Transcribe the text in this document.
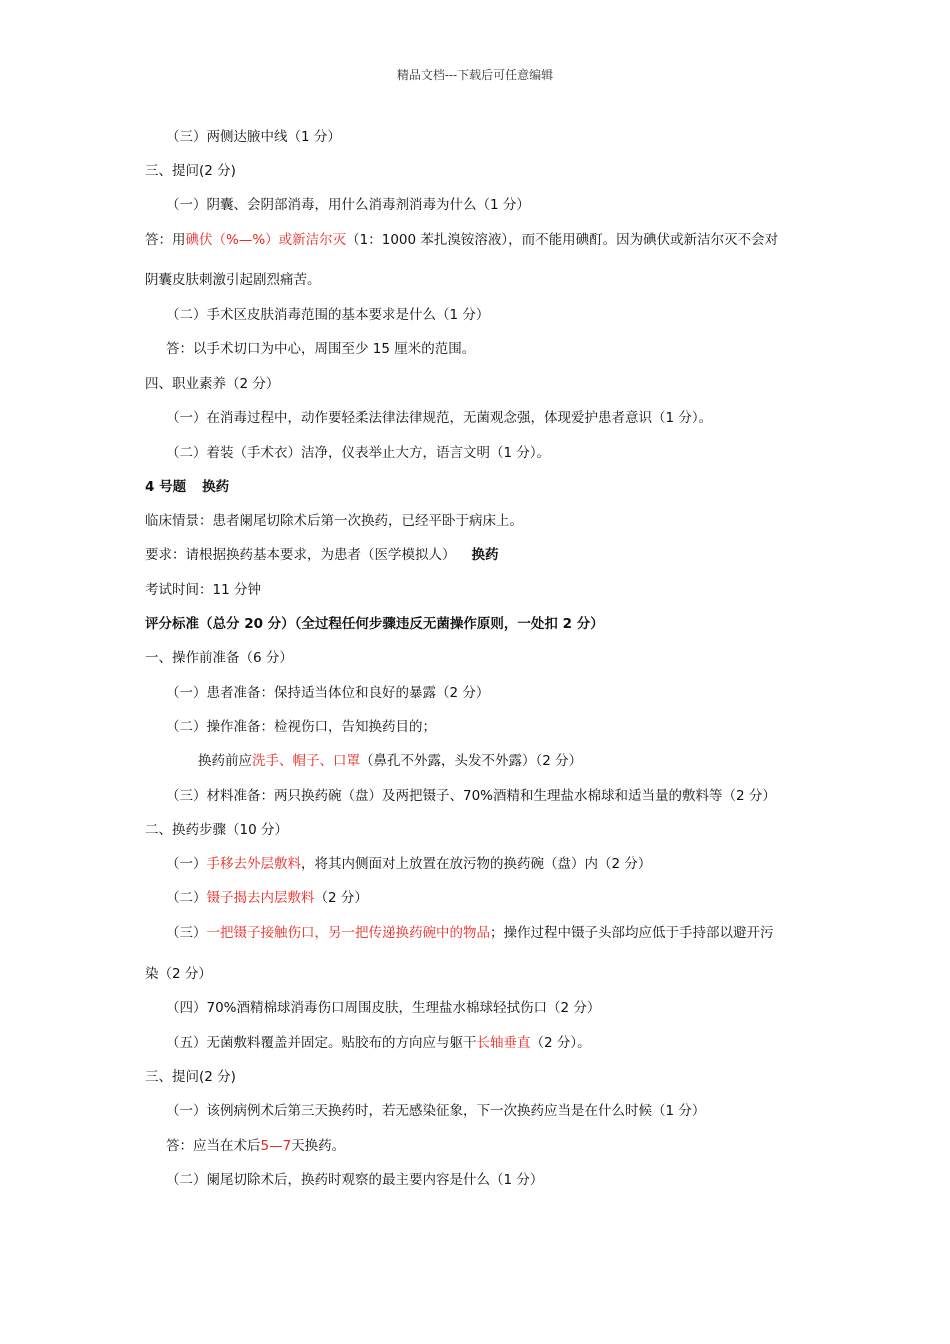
精品文档---下载后可任意编辑
（三）两侧达腋中线（1 分）
三、提问(2 分)
（一）阴囊、会阴部消毒，用什么消毒剂消毒为什么（1 分）
答：用碘伏（%—%）或新洁尔灭（1：1000 苯扎溴铵溶液），而不能用碘酊。因为碘伏或新洁尔灭不会对
阴囊皮肤刺激引起剧烈痛苦。
（二）手术区皮肤消毒范围的基本要求是什么（1 分）
答：以手术切口为中心，周围至少 15 厘米的范围。
四、职业素养（2 分）
（一）在消毒过程中，动作要轻柔法律法律规范，无菌观念强，体现爱护患者意识（1 分）。
（二）着装（手术衣）洁净，仪表举止大方，语言文明（1 分）。
4 号题 换药
临床情景：患者阑尾切除术后第一次换药，已经平卧于病床上。
要求：请根据换药基本要求，为患者（医学模拟人） 换药
考试时间：11 分钟
评分标准（总分 20 分）（全过程任何步骤违反无菌操作原则，一处扣 2 分）
一、操作前准备（6 分）
（一）患者准备：保持适当体位和良好的暴露（2 分）
（二）操作准备：检视伤口，告知换药目的；
换药前应洗手、帽子、口罩（鼻孔不外露，头发不外露）（2 分）
（三）材料准备：两只换药碗（盘）及两把镊子、70%酒精和生理盐水棉球和适当量的敷料等（2 分）
二、换药步骤（10 分）
（一）手移去外层敷料，将其内侧面对上放置在放污物的换药碗（盘）内（2 分）
（二）镊子揭去内层敷料（2 分）
（三）一把镊子接触伤口，另一把传递换药碗中的物品；操作过程中镊子头部均应低于手持部以避开污
染（2 分）
（四）70%酒精棉球消毒伤口周围皮肤，生理盐水棉球轻拭伤口（2 分）
（五）无菌敷料覆盖并固定。贴胶布的方向应与躯干长轴垂直（2 分）。
三、提问(2 分)
（一）该例病例术后第三天换药时，若无感染征象，下一次换药应当是在什么时候（1 分）
答：应当在术后5—7天换药。
（二）阑尾切除术后，换药时观察的最主要内容是什么（1 分）
